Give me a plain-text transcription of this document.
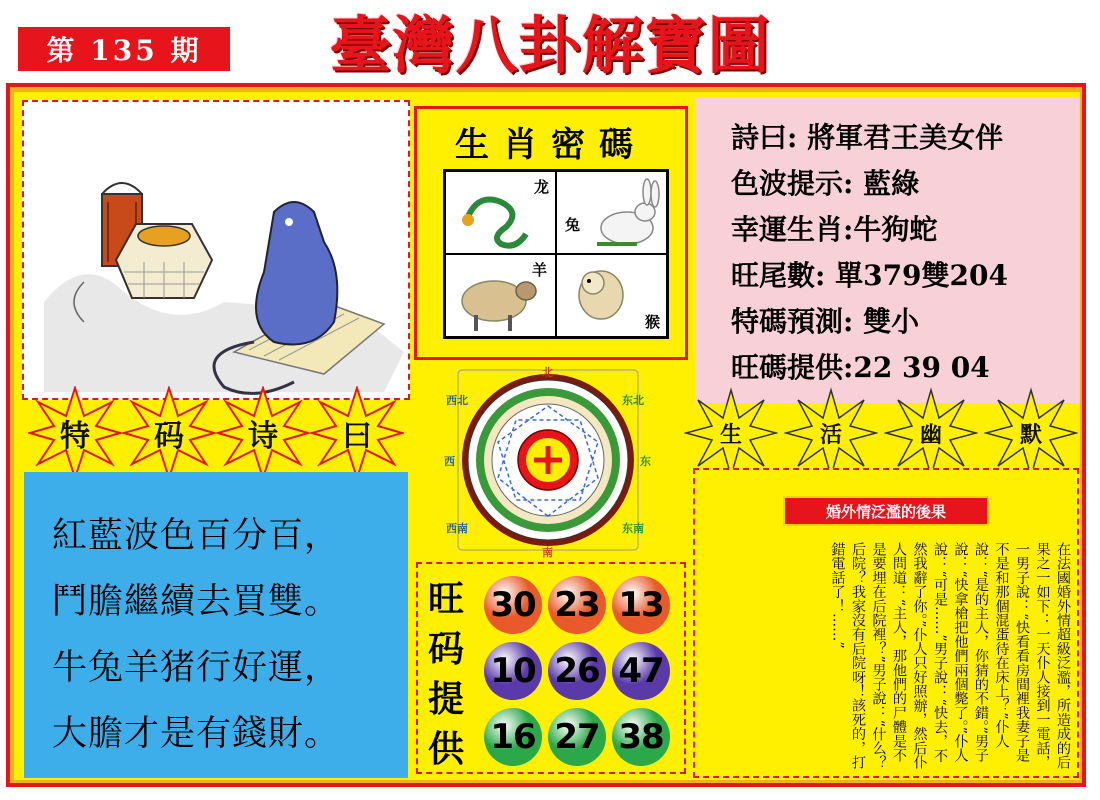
第 135 期	臺灣八卦解寶圖
生肖密碼
龙
兔
羊
猴
詩曰: 將軍君王美女伴
色波提示: 藍綠
幸運生肖:牛狗蛇
旺尾數: 單379雙204
特碼預測: 雙小
旺碼提供:22 39 04
特	码	诗	曰	生	活	幽	默
紅藍波色百分百，
鬥膽繼續去買雙。
牛兔羊猪行好運，
大膽才是有錢財。
西北	东北
西南	东南
北
西	东
南
旺
码
提
供
30 23 13
10 26 47
16 27 38
婚外情泛濫的後果
在法國婚外情超級泛濫，所造成的后果之一如下：一天仆人接到一電話，一男子說：“快看看房間裡我妻子是不是和那個混蛋待在床上？”仆人說：“是的主人，你猜的不錯。”男子說：“快拿槍把他們兩個斃了。”仆人說：“可是……”男子說：“快去，不然我辭了你。”仆人只好照辦，然后仆人問道：“主人，那他們的尸體是不是要埋在后院裡？”男子說：“什么？后院？我家沒有后院呀！該死的，打錯電話了！……”
